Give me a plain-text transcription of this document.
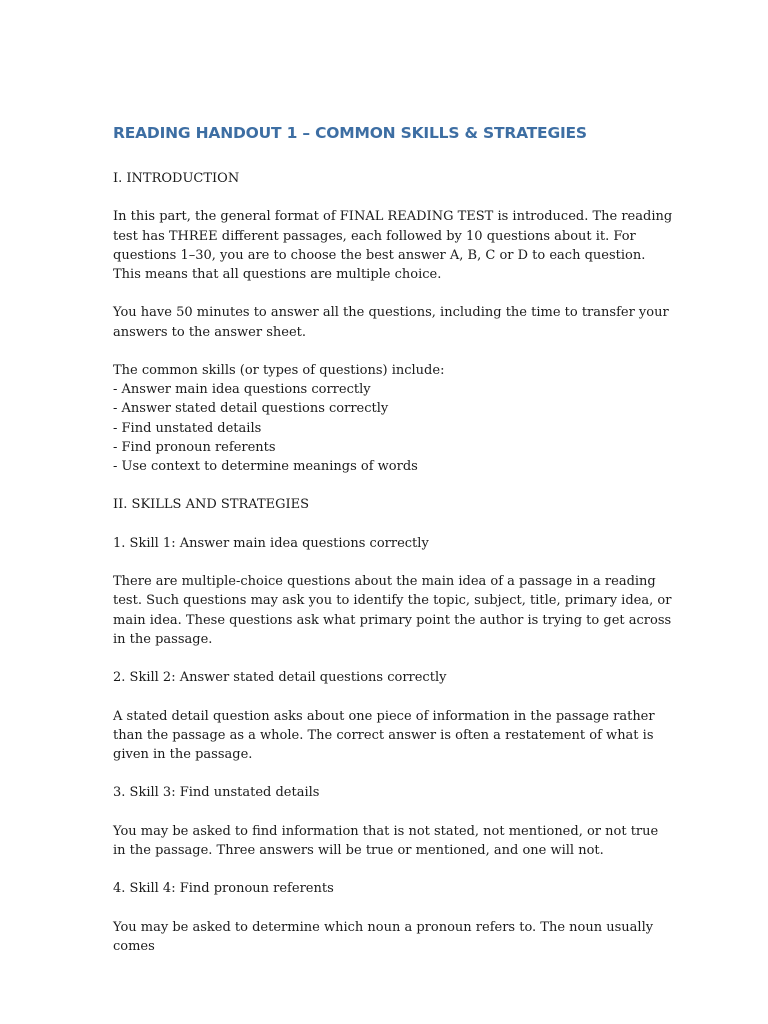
READING HANDOUT 1 – COMMON SKILLS & STRATEGIES

I. INTRODUCTION

In this part, the general format of FINAL READING TEST is introduced. The reading test has THREE different passages, each followed by 10 questions about it. For questions 1–30, you are to choose the best answer A, B, C or D to each question. This means that all questions are multiple choice.

You have 50 minutes to answer all the questions, including the time to transfer your answers to the answer sheet.

The common skills (or types of questions) include:
- Answer main idea questions correctly
- Answer stated detail questions correctly
- Find unstated details
- Find pronoun referents
- Use context to determine meanings of words

II. SKILLS AND STRATEGIES

1. Skill 1: Answer main idea questions correctly

There are multiple-choice questions about the main idea of a passage in a reading test. Such questions may ask you to identify the topic, subject, title, primary idea, or main idea. These questions ask what primary point the author is trying to get across in the passage.

2. Skill 2: Answer stated detail questions correctly

A stated detail question asks about one piece of information in the passage rather than the passage as a whole. The correct answer is often a restatement of what is given in the passage.

3. Skill 3: Find unstated details

You may be asked to find information that is not stated, not mentioned, or not true in the passage. Three answers will be true or mentioned, and one will not.

4. Skill 4: Find pronoun referents

You may be asked to determine which noun a pronoun refers to. The noun usually comes
